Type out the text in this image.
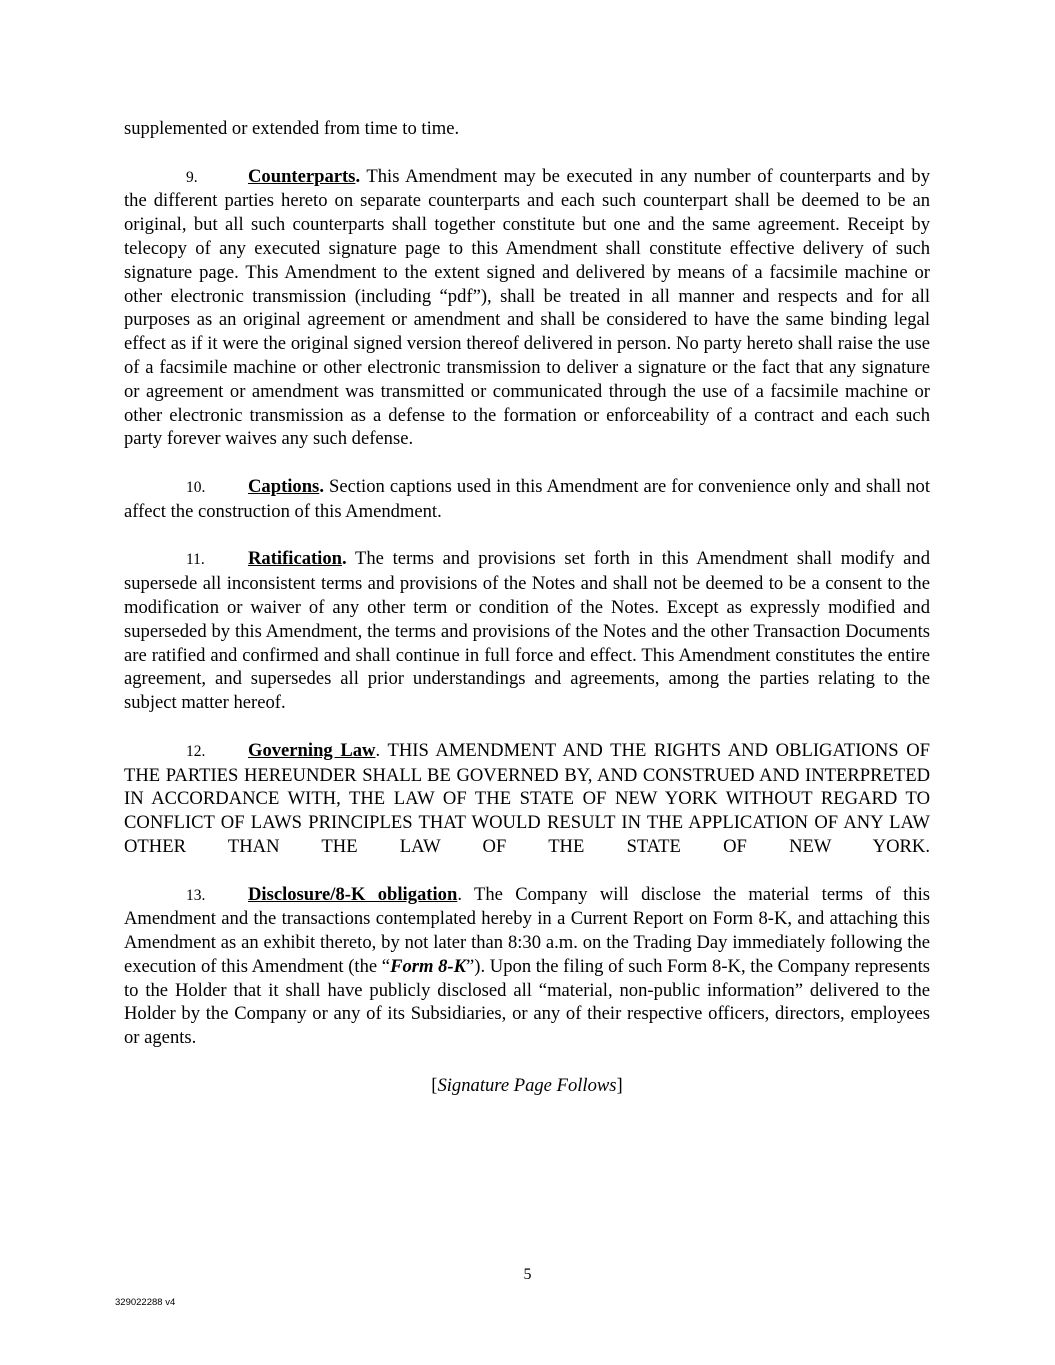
supplemented or extended from time to time.

9.	Counterparts. This Amendment may be executed in any number of counterparts and by the different parties hereto on separate counterparts and each such counterpart shall be deemed to be an original, but all such counterparts shall together constitute but one and the same agreement. Receipt by telecopy of any executed signature page to this Amendment shall constitute effective delivery of such signature page. This Amendment to the extent signed and delivered by means of a facsimile machine or other electronic transmission (including “pdf”), shall be treated in all manner and respects and for all purposes as an original agreement or amendment and shall be considered to have the same binding legal effect as if it were the original signed version thereof delivered in person. No party hereto shall raise the use of a facsimile machine or other electronic transmission to deliver a signature or the fact that any signature or agreement or amendment was transmitted or communicated through the use of a facsimile machine or other electronic transmission as a defense to the formation or enforceability of a contract and each such party forever waives any such defense.

10. Captions. Section captions used in this Amendment are for convenience only and shall not affect the construction of this Amendment.

11. Ratification. The terms and provisions set forth in this Amendment shall modify and supersede all inconsistent terms and provisions of the Notes and shall not be deemed to be a consent to the modification or waiver of any other term or condition of the Notes. Except as expressly modified and superseded by this Amendment, the terms and provisions of the Notes and the other Transaction Documents are ratified and confirmed and shall continue in full force and effect. This Amendment constitutes the entire agreement, and supersedes all prior understandings and agreements, among the parties relating to the subject matter hereof.

12. Governing Law. THIS AMENDMENT AND THE RIGHTS AND OBLIGATIONS OF THE PARTIES HEREUNDER SHALL BE GOVERNED BY, AND CONSTRUED AND INTERPRETED IN ACCORDANCE WITH, THE LAW OF THE STATE OF NEW YORK WITHOUT REGARD TO CONFLICT OF LAWS PRINCIPLES THAT WOULD RESULT IN THE APPLICATION OF ANY LAW OTHER THAN THE LAW OF THE STATE OF NEW YORK.

13. Disclosure/8-K obligation. The Company will disclose the material terms of this Amendment and the transactions contemplated hereby in a Current Report on Form 8-K, and attaching this Amendment as an exhibit thereto, by not later than 8:30 a.m. on the Trading Day immediately following the execution of this Amendment (the “Form 8-K”). Upon the filing of such Form 8-K, the Company represents to the Holder that it shall have publicly disclosed all “material, non-public information” delivered to the Holder by the Company or any of its Subsidiaries, or any of their respective officers, directors, employees or agents.

[Signature Page Follows]

5
329022288 v4
